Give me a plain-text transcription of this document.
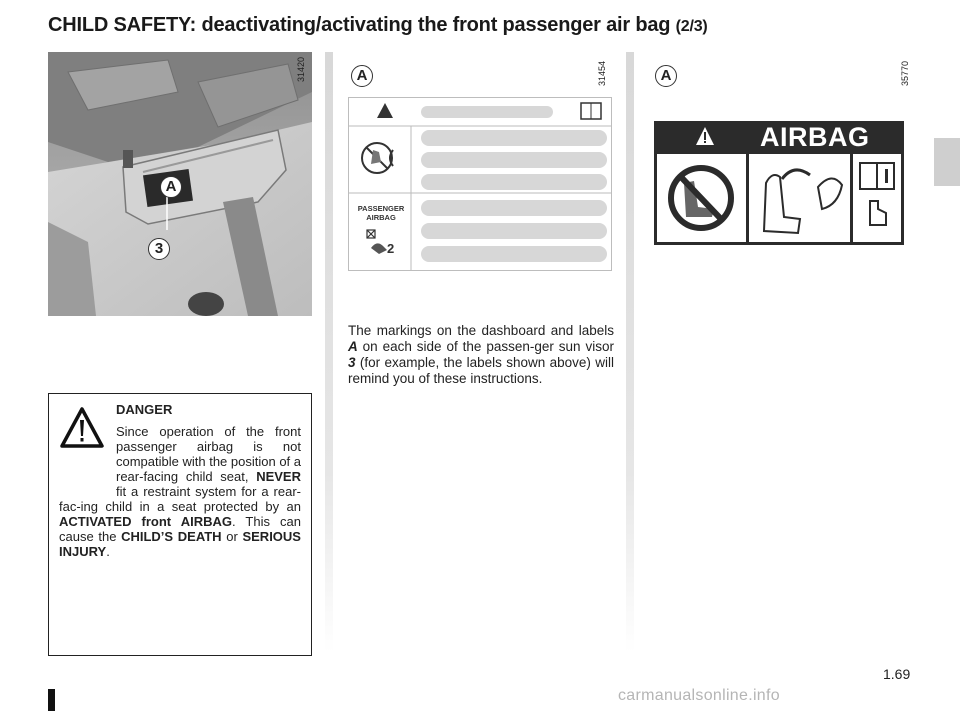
CHILD SAFETY: deactivating/activating the front passenger air bag (2/3)
A
3
31420	A	31454
PASSENGER
AIRBAG
2
The markings on the dashboard and labels A on each side of the passen-ger sun visor 3 (for example, the labels shown above) will remind you of these instructions.
A	35770
AIRBAG
DANGER

Since operation of the front passenger airbag is not compatible with the position of a rear-facing child seat, NEVER fit a restraint system for a rear-fac-ing child in a seat protected by an ACTIVATED front AIRBAG. This can cause the CHILD’S DEATH or SERIOUS INJURY.

1.69
carmanualsonline.info
